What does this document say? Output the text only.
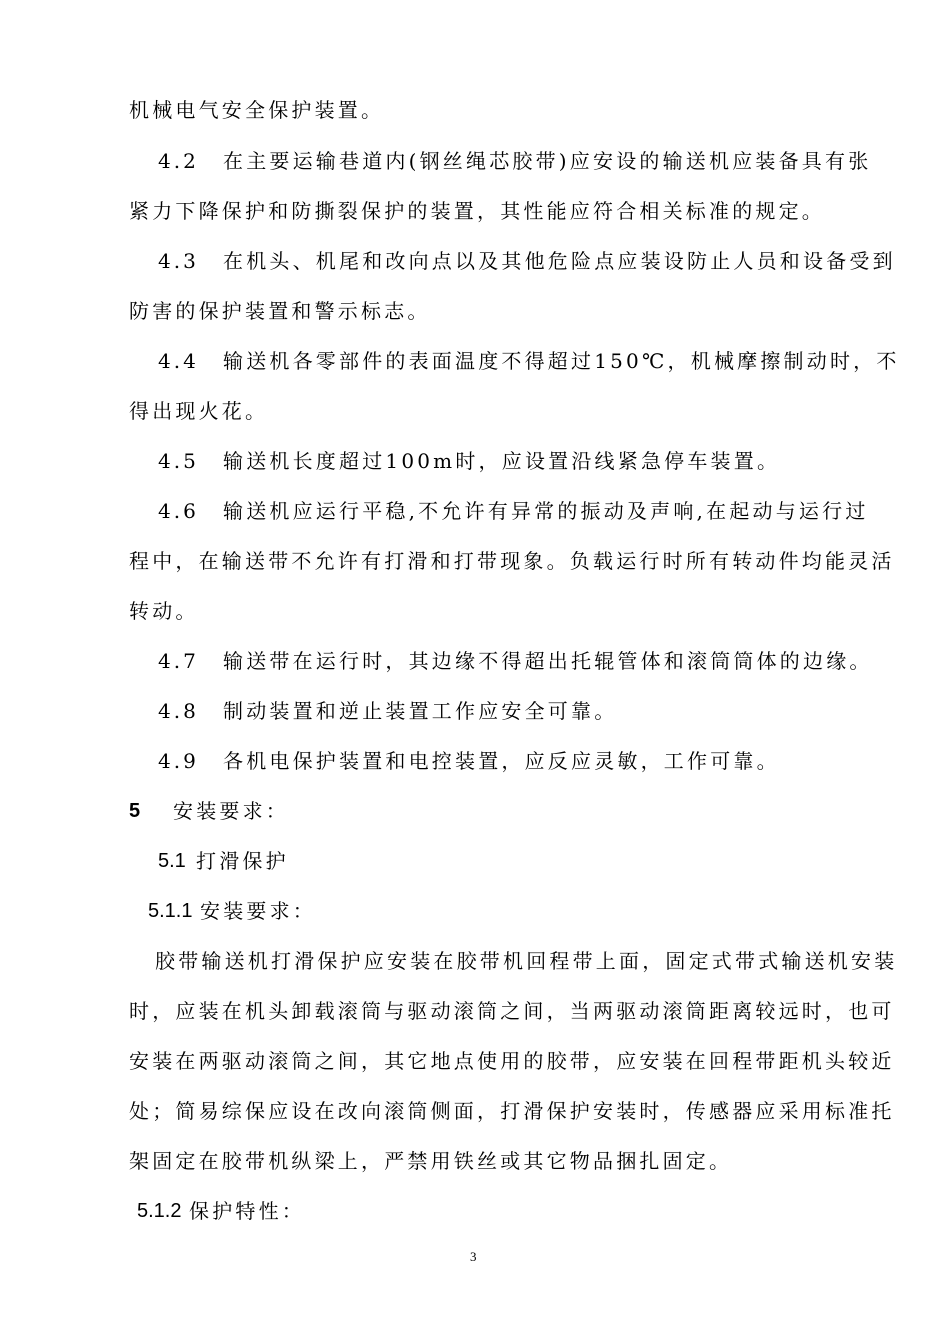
机械电气安全保护装置。
4.2 在主要运输巷道内(钢丝绳芯胶带)应安设的输送机应装备具有张
紧力下降保护和防撕裂保护的装置，其性能应符合相关标准的规定。
4.3 在机头、机尾和改向点以及其他危险点应装设防止人员和设备受到
防害的保护装置和警示标志。
4.4 输送机各零部件的表面温度不得超过150℃，机械摩擦制动时，不
得出现火花。
4.5 输送机长度超过100m时，应设置沿线紧急停车装置。
4.6 输送机应运行平稳,不允许有异常的振动及声响,在起动与运行过
程中，在输送带不允许有打滑和打带现象。负载运行时所有转动件均能灵活
转动。
4.7 输送带在运行时，其边缘不得超出托辊管体和滚筒筒体的边缘。
4.8 制动装置和逆止装置工作应安全可靠。
4.9 各机电保护装置和电控装置，应反应灵敏，工作可靠。
5 安装要求：
5.1 打滑保护
5.1.1 安装要求：
胶带输送机打滑保护应安装在胶带机回程带上面，固定式带式输送机安装
时，应装在机头卸载滚筒与驱动滚筒之间，当两驱动滚筒距离较远时，也可
安装在两驱动滚筒之间，其它地点使用的胶带，应安装在回程带距机头较近
处；简易综保应设在改向滚筒侧面，打滑保护安装时，传感器应采用标准托
架固定在胶带机纵梁上，严禁用铁丝或其它物品捆扎固定。
5.1.2 保护特性：
3
